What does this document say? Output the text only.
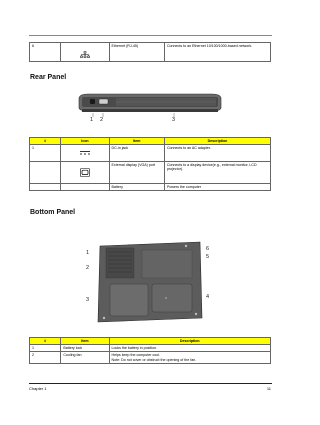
6		Ethernet (RJ-45)	Connects to an Ethernet 10/100/1000-based network.
Rear Panel
1 2	3
#	Icon	Item	Description
1		DC-in jack	Connects to an AC adapter.
		External display (VGA) port	Connects to a display device(e.g., external monitor, LCD projector).
		Battery	Powers the computer
Bottom Panel
1
2
3	4
5
6
#	Item	Description
1	Battery lock	Locks the battery in position.
2	Cooling fan	Helps keep the computer cool.
Note: Do not cover or obstruct the opening of the fan.
Chapter 1	11
